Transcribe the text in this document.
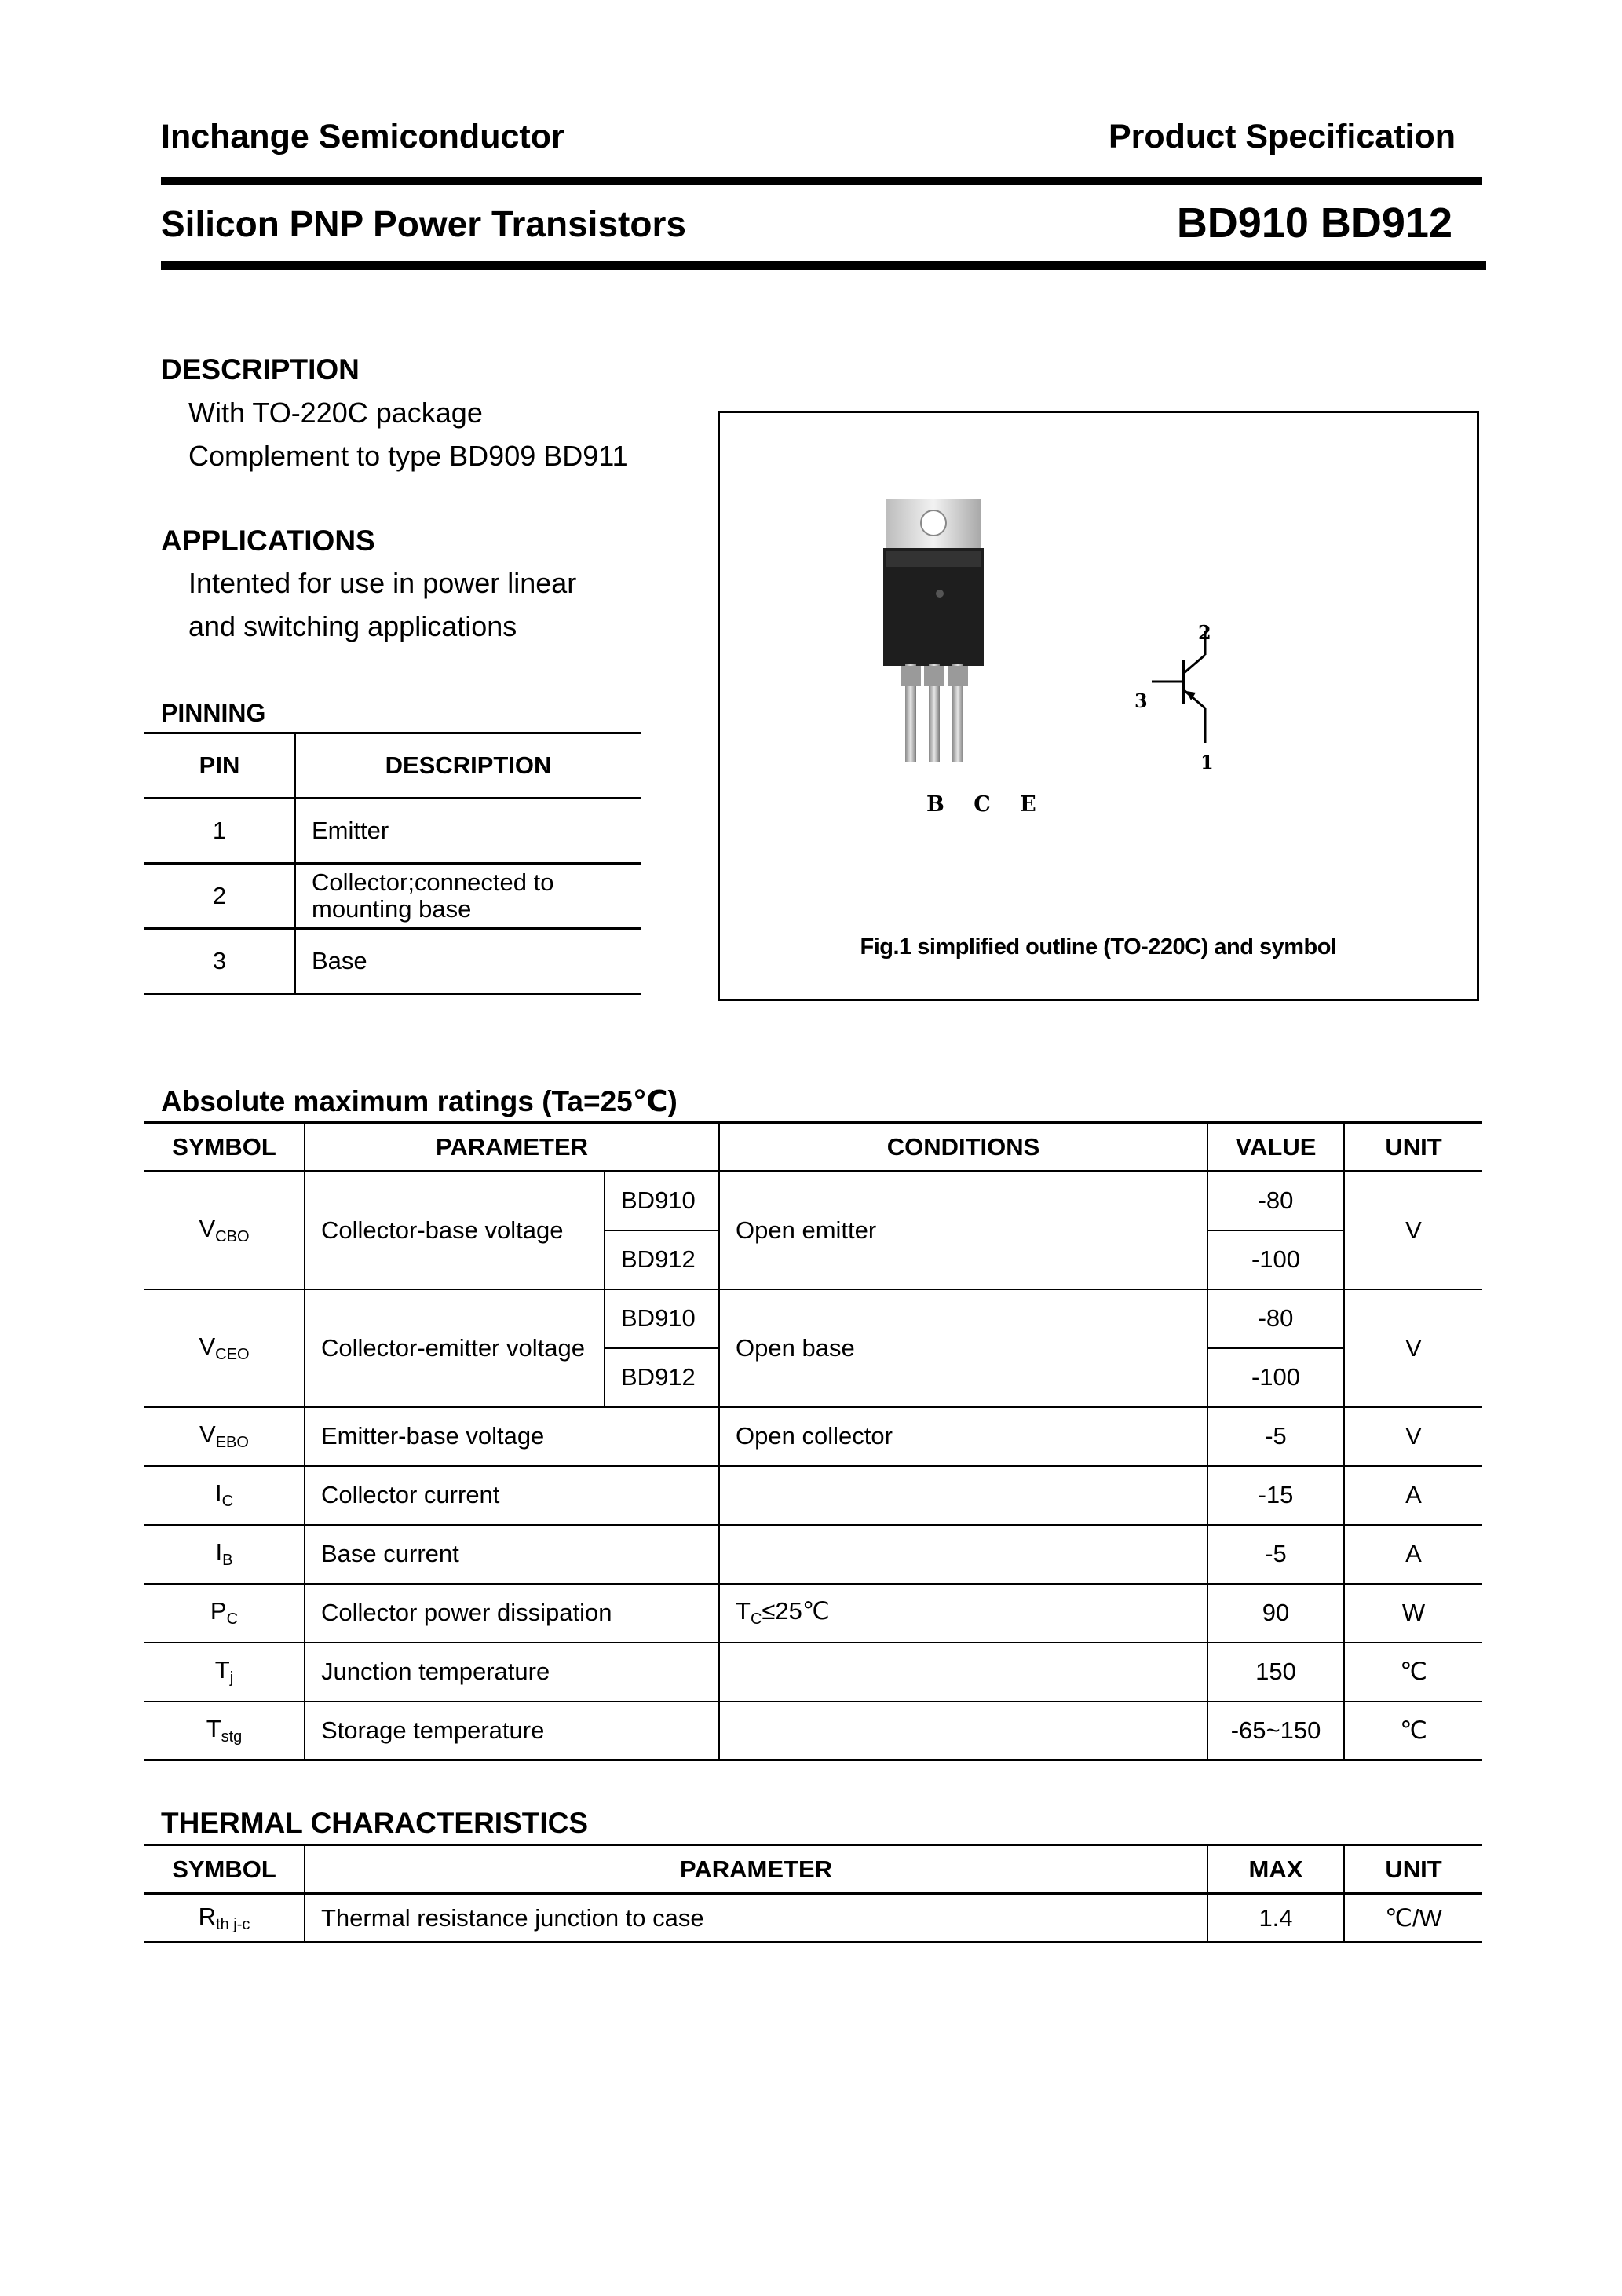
Inchange Semiconductor	Product Specification
Silicon PNP Power Transistors	BD910 BD912
DESCRIPTION
With TO-220C package
Complement to type BD909 BD911
APPLICATIONS
Intented for use in power linear
and switching applications
PINNING
PIN	DESCRIPTION
1	Emitter
2	Collector;connected to
mounting base

3	Base
B C E
2
3
1
Fig.1 simplified outline (TO-220C) and symbol
Absolute maximum ratings (Ta=25℃)
SYMBOL	PARAMETER		CONDITIONS	VALUE	UNIT
$V_{CBO}$	Collector-base voltage	BD910	Open emitter	-80	V
		BD912		-100	
$V_{CEO}$	Collector-emitter voltage	BD910	Open base	-80	V
		BD912		-100	
$V_{EBO}$	Emitter-base voltage		Open collector	-5	V
$I_C$	Collector current			-15	A
$I_B$	Base current			-5	A
$P_C$	Collector power dissipation		$T_C\le 25℃$	90	W
$T_j$	Junction temperature			150	℃
$T_{stg}$	Storage temperature			-65~150	℃
THERMAL CHARACTERISTICS
SYMBOL	PARAMETER	MAX	UNIT
$R_{th j-c}$	Thermal resistance junction to case	1.4	℃/W
